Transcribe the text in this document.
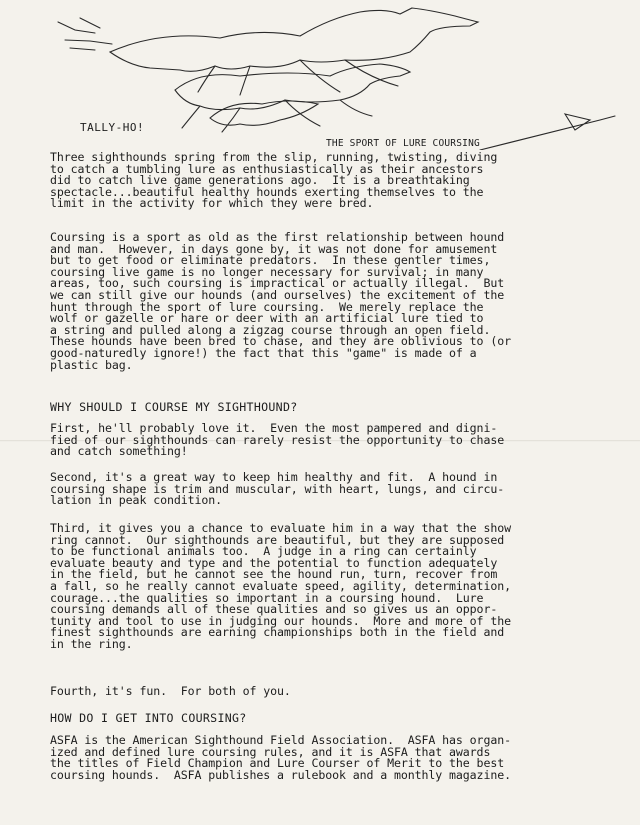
TALLY-HO!
THE SPORT OF LURE COURSING
Three sighthounds spring from the slip, running, twisting, diving
to catch a tumbling lure as enthusiastically as their ancestors
did to catch live game generations ago.  It is a breathtaking
spectacle...beautiful healthy hounds exerting themselves to the
limit in the activity for which they were bred.
Coursing is a sport as old as the first relationship between hound
and man.  However, in days gone by, it was not done for amusement
but to get food or eliminate predators.  In these gentler times,
coursing live game is no longer necessary for survival; in many
areas, too, such coursing is impractical or actually illegal.  But
we can still give our hounds (and ourselves) the excitement of the
hunt through the sport of lure coursing.  We merely replace the
wolf or gazelle or hare or deer with an artificial lure tied to
a string and pulled along a zigzag course through an open field.
These hounds have been bred to chase, and they are oblivious to (or
good-naturedly ignore!) the fact that this "game" is made of a
plastic bag.
WHY SHOULD I COURSE MY SIGHTHOUND?
First, he'll probably love it.  Even the most pampered and digni-
fied of our sighthounds can rarely resist the opportunity to chase
and catch something!
Second, it's a great way to keep him healthy and fit.  A hound in
coursing shape is trim and muscular, with heart, lungs, and circu-
lation in peak condition.
Third, it gives you a chance to evaluate him in a way that the show
ring cannot.  Our sighthounds are beautiful, but they are supposed
to be functional animals too.  A judge in a ring can certainly
evaluate beauty and type and the potential to function adequately
in the field, but he cannot see the hound run, turn, recover from
a fall, so he really cannot evaluate speed, agility, determination,
courage...the qualities so important in a coursing hound.  Lure
coursing demands all of these qualities and so gives us an oppor-
tunity and tool to use in judging our hounds.  More and more of the
finest sighthounds are earning championships both in the field and
in the ring.
Fourth, it's fun.  For both of you.
HOW DO I GET INTO COURSING?
ASFA is the American Sighthound Field Association.  ASFA has organ-
ized and defined lure coursing rules, and it is ASFA that awards
the titles of Field Champion and Lure Courser of Merit to the best
coursing hounds.  ASFA publishes a rulebook and a monthly magazine.
